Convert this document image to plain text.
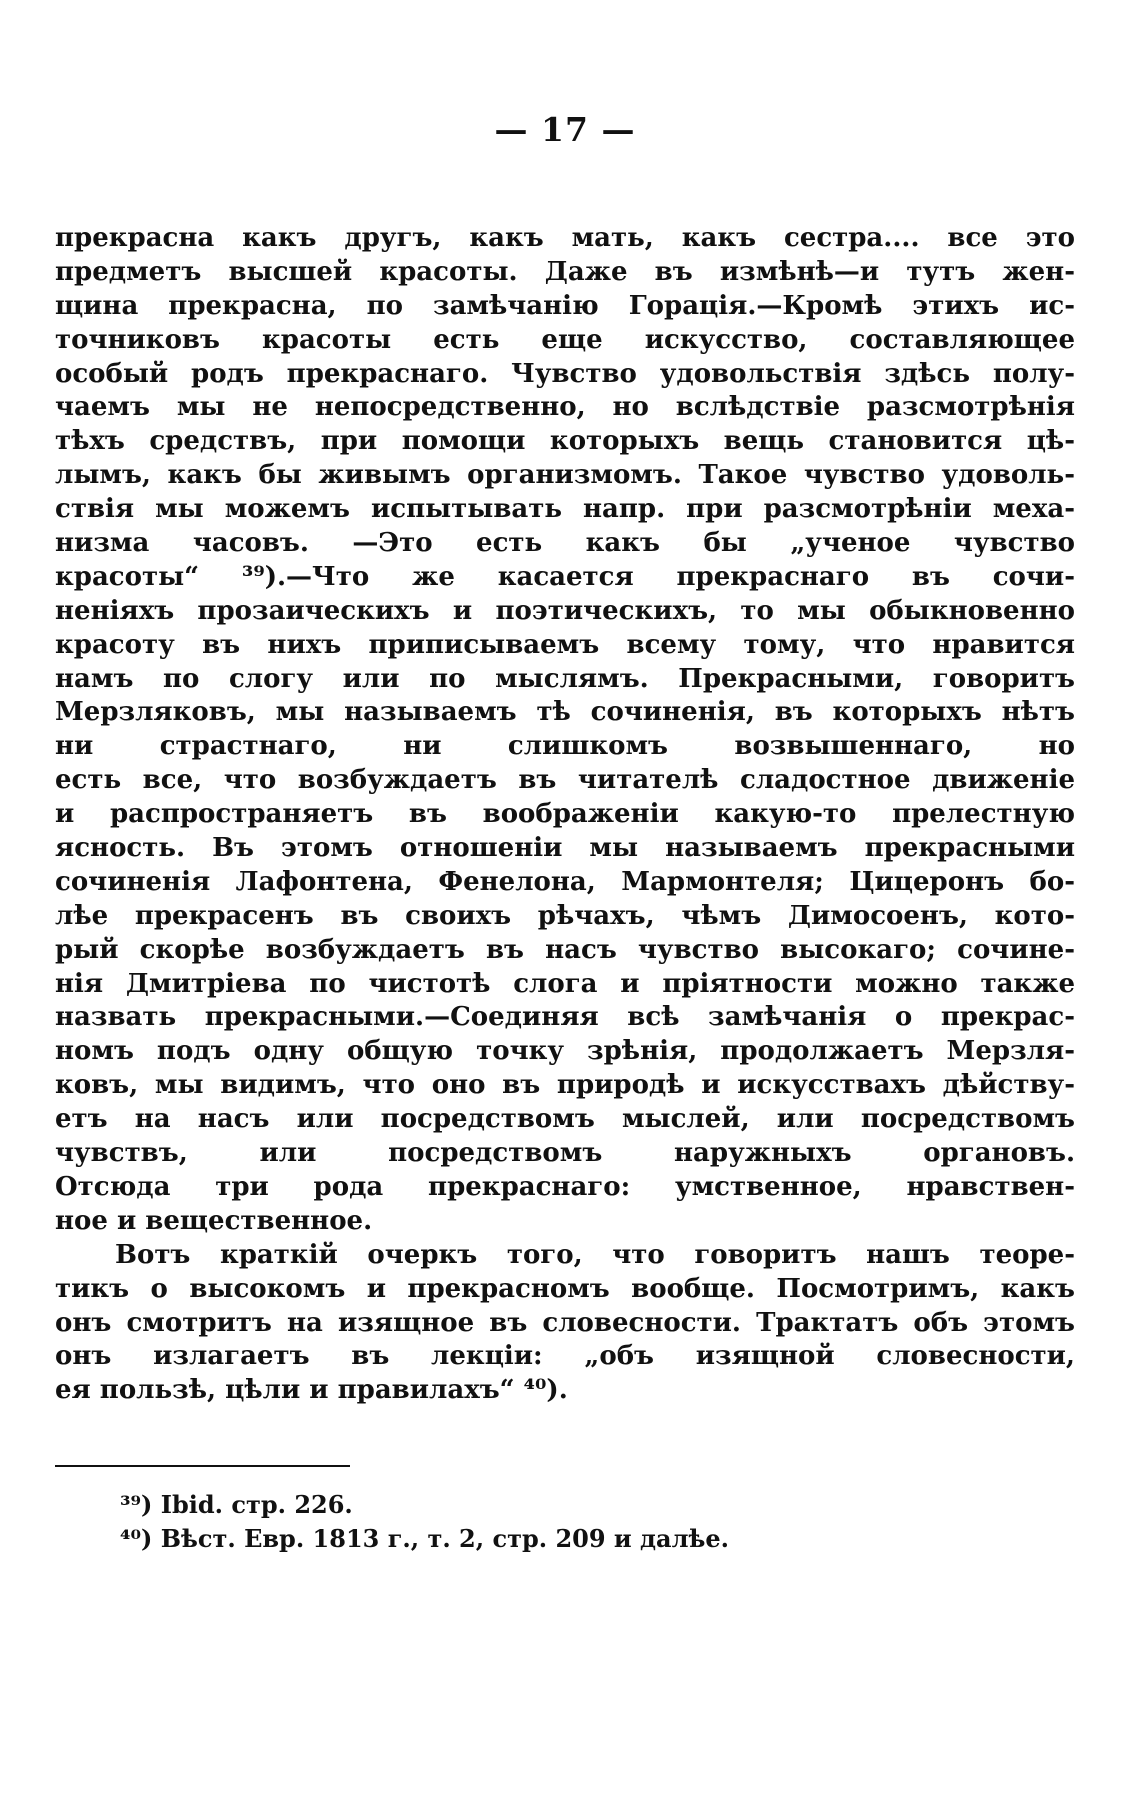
— 17 —
прекрасна какъ другъ, какъ мать, какъ сестра.... все это
предметъ высшей красоты. Даже въ измѣнѣ—и тутъ жен-
щина прекрасна, по замѣчанію Горація.—Кромѣ этихъ ис-
точниковъ красоты есть еще искусство, составляющее
особый родъ прекраснаго. Чувство удовольствія здѣсь полу-
чаемъ мы не непосредственно, но вслѣдствіе разсмотрѣнія
тѣхъ средствъ, при помощи которыхъ вещь становится цѣ-
лымъ, какъ бы живымъ организмомъ. Такое чувство удоволь-
ствія мы можемъ испытывать напр. при разсмотрѣніи меха-
низма часовъ. —Это есть какъ бы „ученое чувство
красоты“ ³⁹).—Что же касается прекраснаго въ сочи-
неніяхъ прозаическихъ и поэтическихъ, то мы обыкновенно
красоту въ нихъ приписываемъ всему тому, что нравится
намъ по слогу или по мыслямъ. Прекрасными, говоритъ
Мерзляковъ, мы называемъ тѣ сочиненія, въ которыхъ нѣтъ
ни страстнаго, ни слишкомъ возвышеннаго, но
есть все, что возбуждаетъ въ читателѣ сладостное движеніе
и распространяетъ въ воображеніи какую-то прелестную
ясность. Въ этомъ отношеніи мы называемъ прекрасными
сочиненія Лафонтена, Фенелона, Мармонтеля; Цицеронъ бо-
лѣе прекрасенъ въ своихъ рѣчахъ, чѣмъ Димосоенъ, кото-
рый скорѣе возбуждаетъ въ насъ чувство высокаго; сочине-
нія Дмитріева по чистотѣ слога и пріятности можно также
назвать прекрасными.—Соединяя всѣ замѣчанія о прекрас-
номъ подъ одну общую точку зрѣнія, продолжаетъ Мерзля-
ковъ, мы видимъ, что оно въ природѣ и искусствахъ дѣйству-
етъ на насъ или посредствомъ мыслей, или посредствомъ
чувствъ, или посредствомъ наружныхъ органовъ.
Отсюда три рода прекраснаго: умственное, нравствен-
ное и вещественное.
Вотъ краткій очеркъ того, что говоритъ нашъ теоре-
тикъ о высокомъ и прекрасномъ вообще. Посмотримъ, какъ
онъ смотритъ на изящное въ словесности. Трактатъ объ этомъ
онъ излагаетъ въ лекціи: „объ изящной словесности,
ея пользѣ, цѣли и правилахъ“ ⁴⁰).
³⁹) Ibid. стр. 226.
⁴⁰) Вѣст. Евр. 1813 г., т. 2, стр. 209 и далѣе.
